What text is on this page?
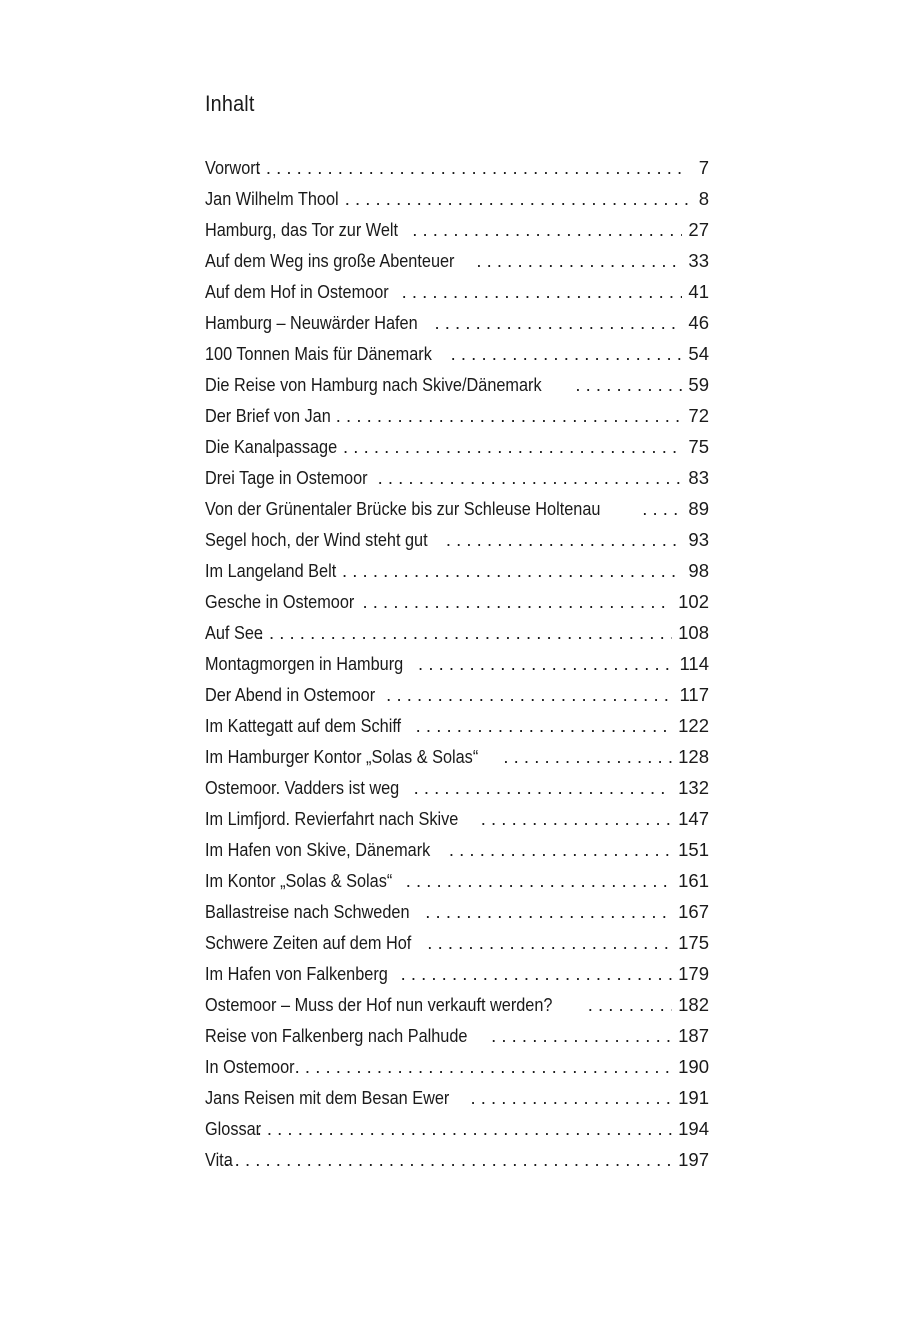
Inhalt
Vorwort . . .	7
Jan Wilhelm Thool . . .	8
Hamburg, das Tor zur Welt . . .	27
Auf dem Weg ins große Abenteuer . . .	33
Auf dem Hof in Ostemoor . . .	41
Hamburg – Neuwärder Hafen . . .	46
100 Tonnen Mais für Dänemark . . .	54
Die Reise von Hamburg nach Skive/Dänemark . . .	59
Der Brief von Jan . . .	72
Die Kanalpassage . . .	75
Drei Tage in Ostemoor . . .	83
Von der Grünentaler Brücke bis zur Schleuse Holtenau . . .	89
Segel hoch, der Wind steht gut . . .	93
Im Langeland Belt . . .	98
Gesche in Ostemoor . . .	102
Auf See . . .	108
Montagmorgen in Hamburg . . .	114
Der Abend in Ostemoor . . .	117
Im Kattegatt auf dem Schiff . . .	122
Im Hamburger Kontor „Solas & Solas“ . . .	128
Ostemoor. Vadders ist weg . . .	132
Im Limfjord. Revierfahrt nach Skive . . .	147
Im Hafen von Skive, Dänemark . . .	151
Im Kontor „Solas & Solas“ . . .	161
Ballastreise nach Schweden . . .	167
Schwere Zeiten auf dem Hof . . .	175
Im Hafen von Falkenberg . . .	179
Ostemoor – Muss der Hof nun verkauft werden? . . .	182
Reise von Falkenberg nach Palhude . . .	187
In Ostemoor . . .	190
Jans Reisen mit dem Besan Ewer . . .	191
Glossar . . .	194
Vita . . .	197
